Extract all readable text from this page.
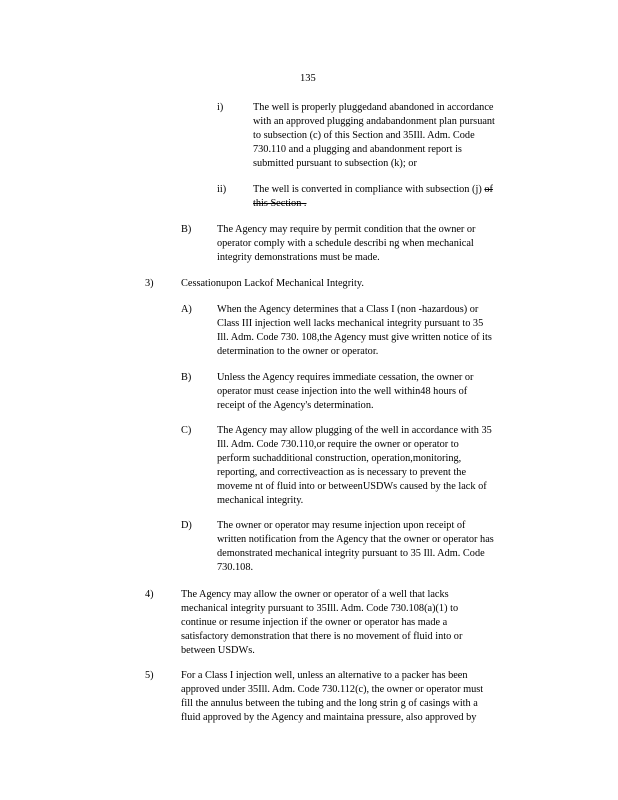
135
i)	The well is properly pluggedand abandoned in accordance
with an approved plugging andabandonment plan pursuant
to subsection (c) of this Section and 35Ill. Adm. Code
730.110 and a plugging and abandonment report is
submitted pursuant to subsection (k); or
ii)	The well is converted in compliance with subsection (j) of
this Section .
B) The Agency may require by permit condition that the owner or
operator comply with a schedule describi ng when mechanical
integrity demonstrations must be made.
3)	Cessationupon Lackof Mechanical Integrity.
A) When the Agency determines that a Class I (non -hazardous) or
Class III injection well lacks mechanical integrity pursuant to 35
Ill. Adm. Code 730. 108,the Agency must give written notice of its
determination to the owner or operator.
B) Unless the Agency requires immediate cessation, the owner or
operator must cease injection into the well within48 hours of
receipt of the Agency's determination.
C) The Agency may allow plugging of the well in accordance with 35
Ill. Adm. Code 730.110,or require the owner or operator to
perform suchadditional construction, operation,monitoring,
reporting, and correctiveaction as is necessary to prevent the
moveme nt of fluid into or betweenUSDWs caused by the lack of
mechanical integrity.
D) The owner or operator may resume injection upon receipt of
written notification from the Agency that the owner or operator has
demonstrated mechanical integrity pursuant to 35 Ill. Adm. Code
730.108.
4)	The Agency may allow the owner or operator of a well that lacks
mechanical integrity pursuant to 35Ill. Adm. Code 730.108(a)(1) to
continue or resume injection if the owner or operator has made a
satisfactory demonstration that there is no movement of fluid into or
between USDWs.
5)	For a Class I injection well, unless an alternative to a packer has been
approved under 35Ill. Adm. Code 730.112(c), the owner or operator must
fill the annulus between the tubing and the long strin g of casings with a
fluid approved by the Agency and maintaina pressure, also approved by
